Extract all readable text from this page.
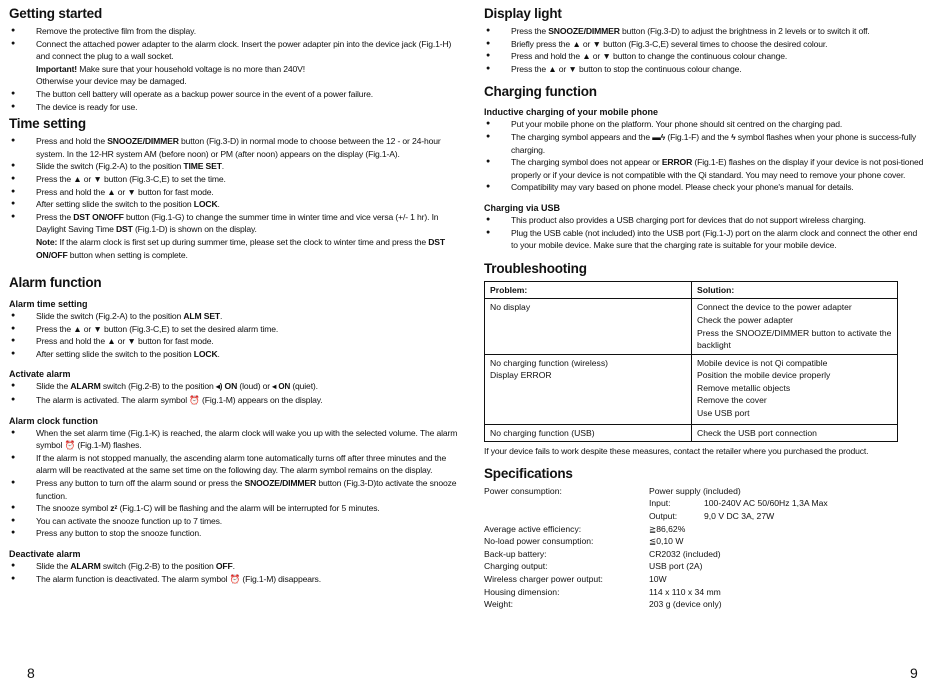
Getting started
● Remove the protective film from the display.
● Connect the attached power adapter to the alarm clock. Insert the power adapter pin into the device jack (Fig.1-H) and connect the plug to a wall socket.
Important! Make sure that your household voltage is no more than 240V!
Otherwise your device may be damaged.
● The button cell battery will operate as a backup power source in the event of a power failure.
● The device is ready for use.
Time setting
● Press and hold the SNOOZE/DIMMER button (Fig.3-D) in normal mode to choose between the 12 - or 24-hour system. In the 12-HR system AM (before noon) or PM (after noon) appears on the display (Fig.1-A).
● Slide the switch (Fig.2-A) to the position TIME SET.
● Press the ▲ or ▼ button (Fig.3-C,E) to set the time.
● Press and hold the ▲ or ▼ button for fast mode.
● After setting slide the switch to the position LOCK.
● Press the DST ON/OFF button (Fig.1-G) to change the summer time in winter time and vice versa (+/- 1 hr). In Daylight Saving Time DST (Fig.1-D) is shown on the display.
Note: If the alarm clock is first set up during summer time, please set the clock to winter time and press the DST ON/OFF button when setting is complete.
Alarm function
Alarm time setting
● Slide the switch (Fig.2-A) to the position ALM SET.
● Press the ▲ or ▼ button (Fig.3-C,E) to set the desired alarm time.
● Press and hold the ▲ or ▼ button for fast mode.
● After setting slide the switch to the position LOCK.
Activate alarm
● Slide the ALARM switch (Fig.2-B) to the position ◂) ON (loud) or ◂ ON (quiet).
● The alarm is activated. The alarm symbol ⏰ (Fig.1-M) appears on the display.
Alarm clock function
● When the set alarm time (Fig.1-K) is reached, the alarm clock will wake you up with the selected volume. The alarm symbol ⏰ (Fig.1-M) flashes.
● If the alarm is not stopped manually, the ascending alarm tone automatically turns off after three minutes and the alarm will be reactivated at the same set time on the following day. The alarm symbol remains on the display.
● Press any button to turn off the alarm sound or press the SNOOZE/DIMMER button (Fig.3-D)to activate the snooze function.
● The snooze symbol zᶻ (Fig.1-C) will be flashing and the alarm will be interrupted for 5 minutes.
● You can activate the snooze function up to 7 times.
● Press any button to stop the snooze function.
Deactivate alarm
● Slide the ALARM switch (Fig.2-B) to the position OFF.
● The alarm function is deactivated. The alarm symbol ⏰ (Fig.1-M) disappears.
8
Display light
● Press the SNOOZE/DIMMER button (Fig.3-D) to adjust the brightness in 2 levels or to switch it off.
● Briefly press the ▲ or ▼ button (Fig.3-C,E) several times to choose the desired colour.
● Press and hold the ▲ or ▼ button to change the continuous colour change.
● Press the ▲ or ▼ button to stop the continuous colour change.
Charging function
Inductive charging of your mobile phone
● Put your mobile phone on the platform. Your phone should sit centred on the charging pad.
● The charging symbol appears and the ▬ϟ (Fig.1-F) and the ϟ symbol flashes when your phone is success-fully charging.
● The charging symbol does not appear or ERROR (Fig.1-E) flashes on the display if your device is not posi-tioned properly or if your device is not compatible with the Qi standard. You may need to remove your phone cover.
● Compatibility may vary based on phone model. Please check your phone's manual for details.
Charging via USB
● This product also provides a USB charging port for devices that do not support wireless charging.
● Plug the USB cable (not included) into the USB port (Fig.1-J) port on the alarm clock and connect the other end to your mobile device. Make sure that the charging rate is suitable for your mobile device.
Troubleshooting
Problem:	Solution:
No display	Connect the device to the power adapter
Check the power adapter
Press the SNOOZE/DIMMER button to activate the backlight
No charging function (wireless)
Display ERROR	Mobile device is not Qi compatible
Position the mobile device properly
Remove metallic objects
Remove the cover
Use USB port
No charging function (USB)	Check the USB port connection
If your device fails to work despite these measures, contact the retailer where you purchased the product.
Specifications
Power consumption:	Power supply (included)
Input:	100-240V AC 50/60Hz 1,3A Max
Output:	9,0 V DC 3A, 27W
Average active efficiency:	≧86,62%
No-load power consumption:	≦0,10 W
Back-up battery:	CR2032 (included)
Charging output:	USB port (2A)
Wireless charger power output:	10W
Housing dimension:	114 x 110 x 34 mm
Weight:	203 g (device only)
9
